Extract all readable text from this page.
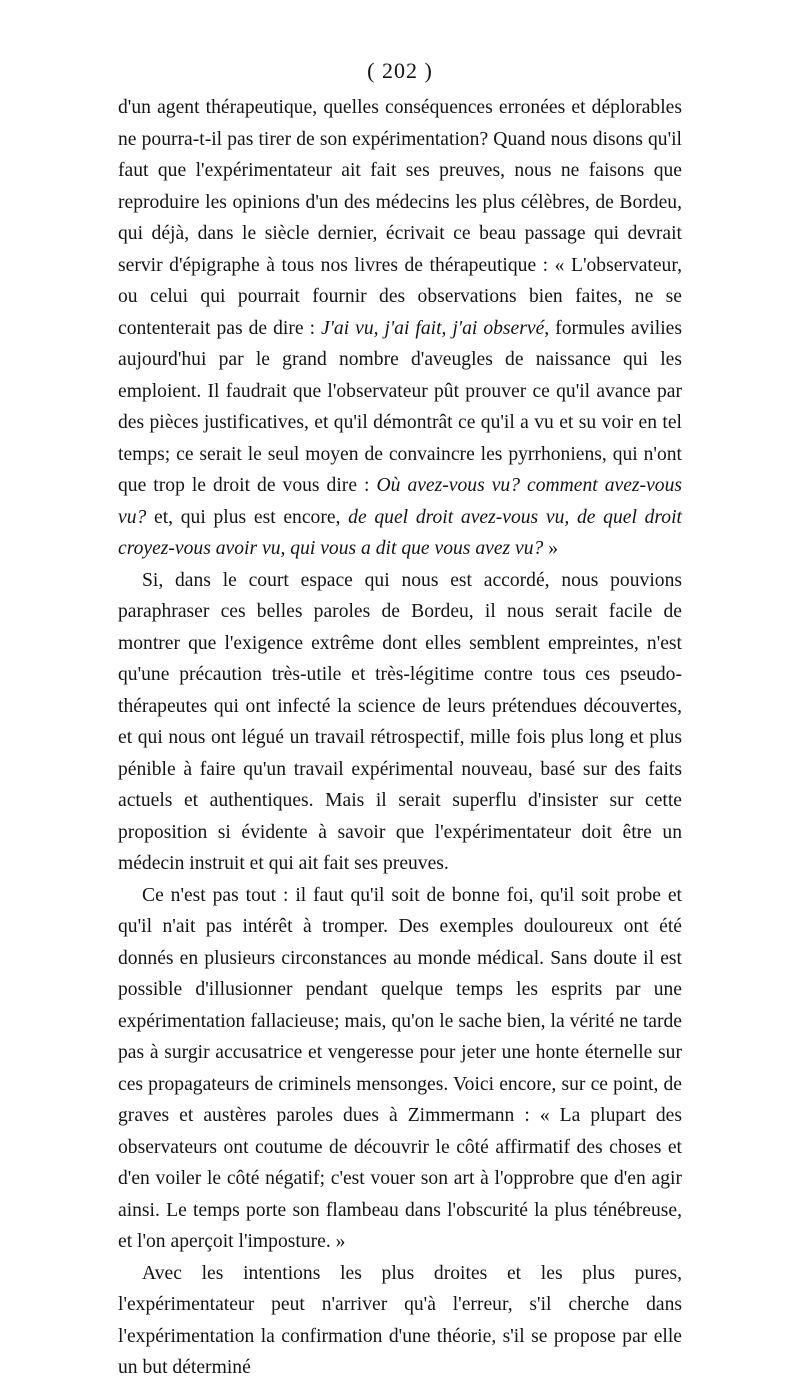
( 202 )

d'un agent thérapeutique, quelles conséquences erronées et déplorables ne pourra-t-il pas tirer de son expérimentation? Quand nous disons qu'il faut que l'expérimentateur ait fait ses preuves, nous ne faisons que reproduire les opinions d'un des médecins les plus célèbres, de Bordeu, qui déjà, dans le siècle dernier, écrivait ce beau passage qui devrait servir d'épigraphe à tous nos livres de thérapeutique : « L'observateur, ou celui qui pourrait fournir des observations bien faites, ne se contenterait pas de dire : J'ai vu, j'ai fait, j'ai observé, formules avilies aujourd'hui par le grand nombre d'aveugles de naissance qui les emploient. Il faudrait que l'observateur pût prouver ce qu'il avance par des pièces justificatives, et qu'il démontrât ce qu'il a vu et su voir en tel temps; ce serait le seul moyen de convaincre les pyrrhoniens, qui n'ont que trop le droit de vous dire : Où avez-vous vu? comment avez-vous vu? et, qui plus est encore, de quel droit avez-vous vu, de quel droit croyez-vous avoir vu, qui vous a dit que vous avez vu? »

Si, dans le court espace qui nous est accordé, nous pouvions paraphraser ces belles paroles de Bordeu, il nous serait facile de montrer que l'exigence extrême dont elles semblent empreintes, n'est qu'une précaution très-utile et très-légitime contre tous ces pseudo-thérapeutes qui ont infecté la science de leurs prétendues découvertes, et qui nous ont légué un travail rétrospectif, mille fois plus long et plus pénible à faire qu'un travail expérimental nouveau, basé sur des faits actuels et authentiques. Mais il serait superflu d'insister sur cette proposition si évidente à savoir que l'expérimentateur doit être un médecin instruit et qui ait fait ses preuves.

Ce n'est pas tout : il faut qu'il soit de bonne foi, qu'il soit probe et qu'il n'ait pas intérêt à tromper. Des exemples douloureux ont été donnés en plusieurs circonstances au monde médical. Sans doute il est possible d'illusionner pendant quelque temps les esprits par une expérimentation fallacieuse; mais, qu'on le sache bien, la vérité ne tarde pas à surgir accusatrice et vengeresse pour jeter une honte éternelle sur ces propagateurs de criminels mensonges. Voici encore, sur ce point, de graves et austères paroles dues à Zimmermann : « La plupart des observateurs ont coutume de découvrir le côté affirmatif des choses et d'en voiler le côté négatif; c'est vouer son art à l'opprobre que d'en agir ainsi. Le temps porte son flambeau dans l'obscurité la plus ténébreuse, et l'on aperçoit l'imposture. »

Avec les intentions les plus droites et les plus pures, l'expérimentateur peut n'arriver qu'à l'erreur, s'il cherche dans l'expérimentation la confirmation d'une théorie, s'il se propose par elle un but déterminé
